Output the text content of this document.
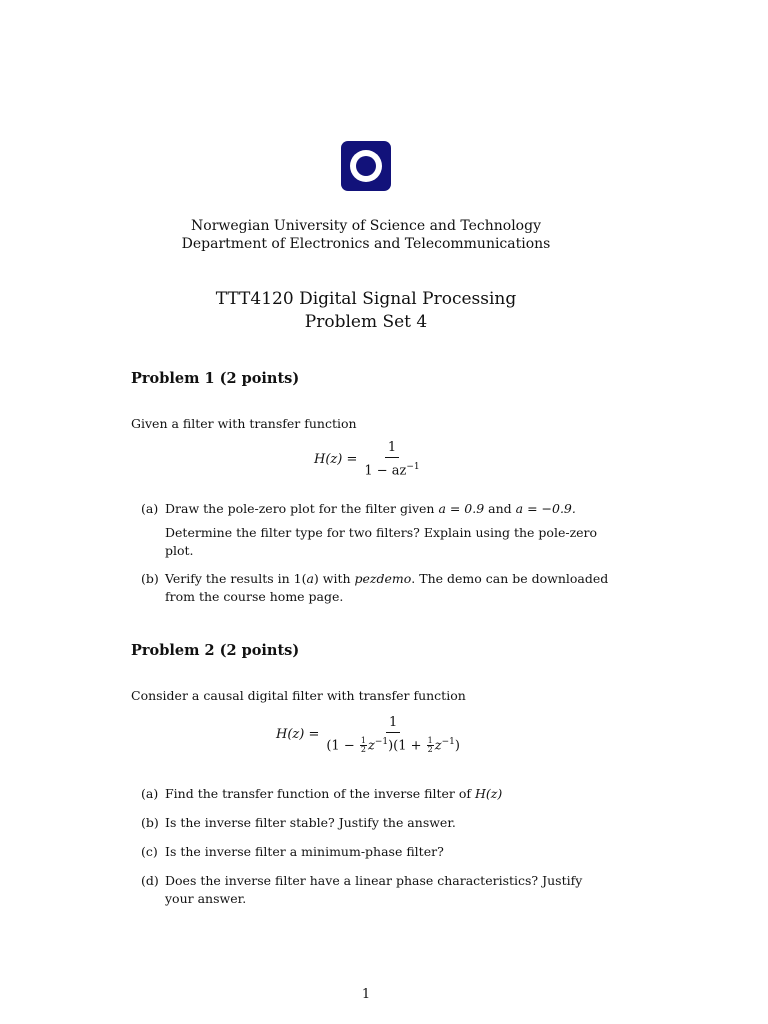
Norwegian University of Science and Technology
Department of Electronics and Telecommunications
TTT4120 Digital Signal Processing
Problem Set 4
Problem 1 (2 points)
Given a filter with transfer function
$H(z) = \frac{1}{1 - az^{-1}}$
(a) Draw the pole-zero plot for the filter given a = 0.9 and a = −0.9.
Determine the filter type for two filters? Explain using the pole-zero plot.
(b) Verify the results in 1(a) with pezdemo. The demo can be downloaded from the course home page.
Problem 2 (2 points)
Consider a causal digital filter with transfer function
$H(z) = \frac{1}{(1 - \frac{1}{2} z^{-1})(1 + \frac{1}{2} z^{-1})}$
(a) Find the transfer function of the inverse filter of H(z)
(b) Is the inverse filter stable? Justify the answer.
(c) Is the inverse filter a minimum-phase filter?
(d) Does the inverse filter have a linear phase characteristics? Justify your answer.
1
